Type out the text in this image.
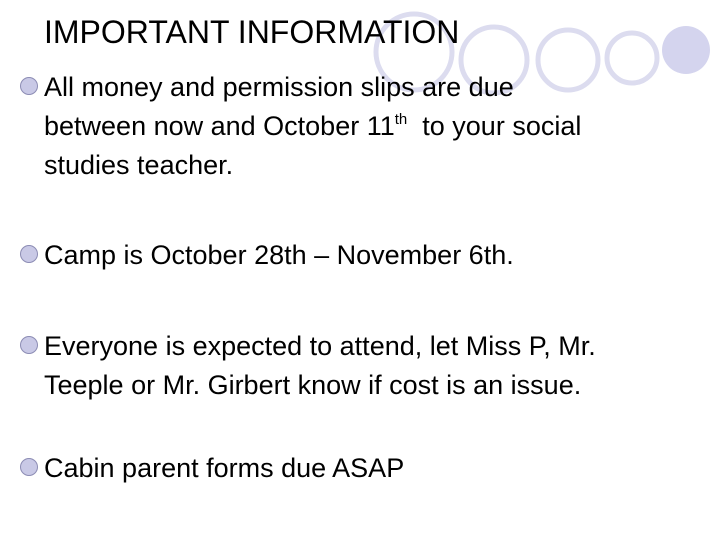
IMPORTANT INFORMATION
All money and permission slips are due
between now and October 11th  to your social
studies teacher.
Camp is October 28th – November 6th.
Everyone is expected to attend, let Miss P, Mr.
Teeple or Mr. Girbert know if cost is an issue.
Cabin parent forms due ASAP
